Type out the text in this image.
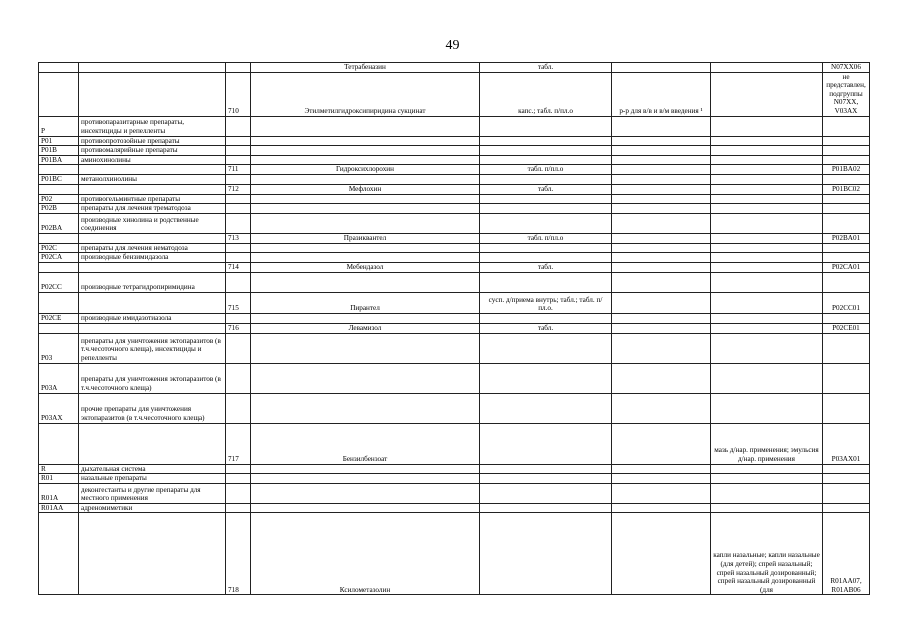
49
			Тетрабеназин	табл.			N07XX06
		710	Этилметилгидроксипиридина сукцинат	капс.; табл. п/пл.о	р-р для в/в и в/м введения ¹		не представлен, подгруппы N07XX, V03AX
P	противопаразитарные препараты, инсектициды и репелленты						
P01	противопротозойные препараты						
P01B	противомалярийные препараты						
P01BA	аминохинолины						
		711	Гидроксихлорохин	табл. п/пл.о			P01BA02
P01BC	метанолхинолины						
		712	Мефлохин	табл.			P01BC02
P02	противогельминтные препараты						
P02B	препараты для лечения трематодоза						
P02BA	производные хинолина и родственные соединения						
		713	Празиквантел	табл. п/пл.о			P02BA01
P02C	препараты для лечения нематодоза						
P02CA	производные бензимидазола						
		714	Мебендазол	табл.			P02CA01
P02CC	производные тетрагидропиримидина						
		715	Пирантел	сусп. д/приема внутрь; табл.; табл. п/пл.о.			P02CC01
P02CE	производные имидазотиазола						
		716	Левамизол	табл.			P02CE01
P03	препараты для уничтожения эктопаразитов (в т.ч.чесоточного клеща), инсектициды и репелленты						
P03A	препараты для уничтожения эктопаразитов (в т.ч.чесоточного клеща)						
P03AX	прочие препараты для уничтожения эктопаразитов (в т.ч.чесоточного клеща)						
		717	Бензилбензоат			мазь д/нар. применения; эмульсия д/нар. применения	P03AX01
R	дыхательная система						
R01	назальные препараты						
R01A	деконгестанты и другие препараты для местного применения						
R01AA	адреномиметики						
		718	Ксилометазолин			капли назальные; капли назальные (для детей); спрей назальный; спрей назальный дозированный; спрей назальный дозированный (для	R01AA07, R01AB06
